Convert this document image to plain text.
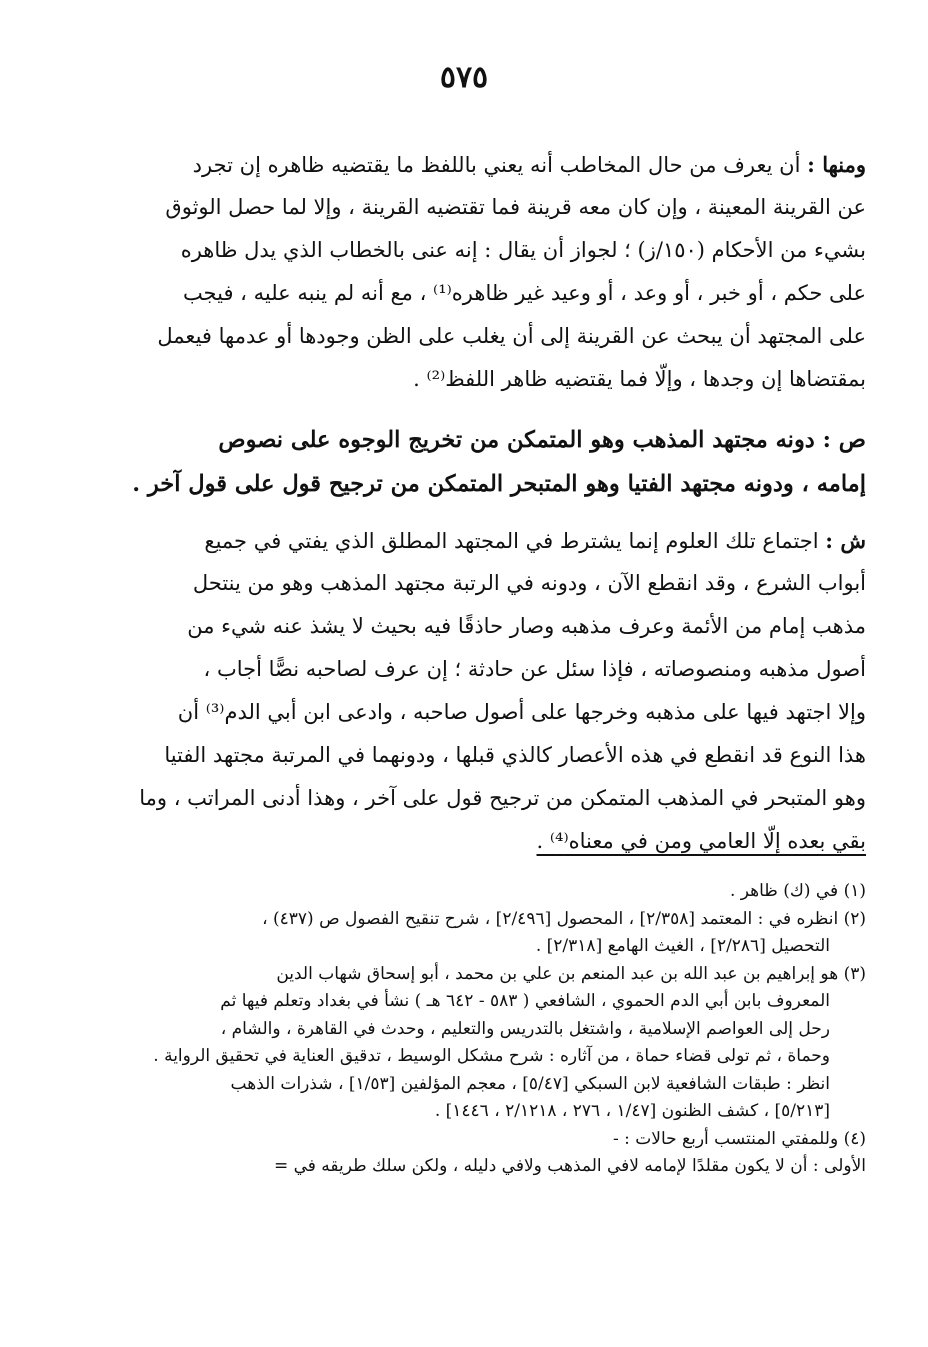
٥٧٥
ومنها : أن يعرف من حال المخاطب أنه يعني باللفظ ما يقتضيه ظاهره إن تجرد
عن القرينة المعينة ، وإن كان معه قرينة فما تقتضيه القرينة ، وإلا لما حصل الوثوق
بشيء من الأحكام (١٥٠/ز) ؛ لجواز أن يقال : إنه عنى بالخطاب الذي يدل ظاهره
على حكم ، أو خبر ، أو وعد ، أو وعيد غير ظاهره⁽¹⁾ ، مع أنه لم ينبه عليه ، فيجب
على المجتهد أن يبحث عن القرينة إلى أن يغلب على الظن وجودها أو عدمها فيعمل
بمقتضاها إن وجدها ، وإلّا فما يقتضيه ظاهر اللفظ⁽²⁾ .
ص : دونه مجتهد المذهب وهو المتمكن من تخريج الوجوه على نصوص
إمامه ، ودونه مجتهد الفتيا وهو المتبحر المتمكن من ترجيح قول على قول آخر .
ش : اجتماع تلك العلوم إنما يشترط في المجتهد المطلق الذي يفتي في جميع
أبواب الشرع ، وقد انقطع الآن ، ودونه في الرتبة مجتهد المذهب وهو من ينتحل
مذهب إمام من الأئمة وعرف مذهبه وصار حاذقًا فيه بحيث لا يشذ عنه شيء من
أصول مذهبه ومنصوصاته ، فإذا سئل عن حادثة ؛ إن عرف لصاحبه نصًّا أجاب ،
وإلا اجتهد فيها على مذهبه وخرجها على أصول صاحبه ، وادعى ابن أبي الدم⁽³⁾ أن
هذا النوع قد انقطع في هذه الأعصار كالذي قبلها ، ودونهما في المرتبة مجتهد الفتيا
وهو المتبحر في المذهب المتمكن من ترجيح قول على آخر ، وهذا أدنى المراتب ، وما
بقي بعده إلّا العامي ومن في معناه⁽⁴⁾ .
(١) في (ك) ظاهر .
(٢) انظره في : المعتمد [٢/٣٥٨] ، المحصول [٢/٤٩٦] ، شرح تنقيح الفصول ص (٤٣٧) ،
التحصيل [٢/٢٨٦] ، الغيث الهامع [٢/٣١٨] .
(٣) هو إبراهيم بن عبد الله بن عبد المنعم بن علي بن محمد ، أبو إسحاق شهاب الدين
المعروف بابن أبي الدم الحموي ، الشافعي ( ٥٨٣ - ٦٤٢ هـ ) نشأ في بغداد وتعلم فيها ثم
رحل إلى العواصم الإسلامية ، واشتغل بالتدريس والتعليم ، وحدث في القاهرة ، والشام ،
وحماة ، ثم تولى قضاء حماة ، من آثاره : شرح مشكل الوسيط ، تدقيق العناية في تحقيق الرواية .
انظر : طبقات الشافعية لابن السبكي [٥/٤٧] ، معجم المؤلفين [١/٥٣] ، شذرات الذهب
[٥/٢١٣] ، كشف الظنون [١/٤٧ ، ٢٧٦ ، ٢/١٢١٨ ، ١٤٤٦] .
(٤) وللمفتي المنتسب أربع حالات : -
الأولى : أن لا يكون مقلدًا لإمامه لافي المذهب ولافي دليله ، ولكن سلك طريقه في =
